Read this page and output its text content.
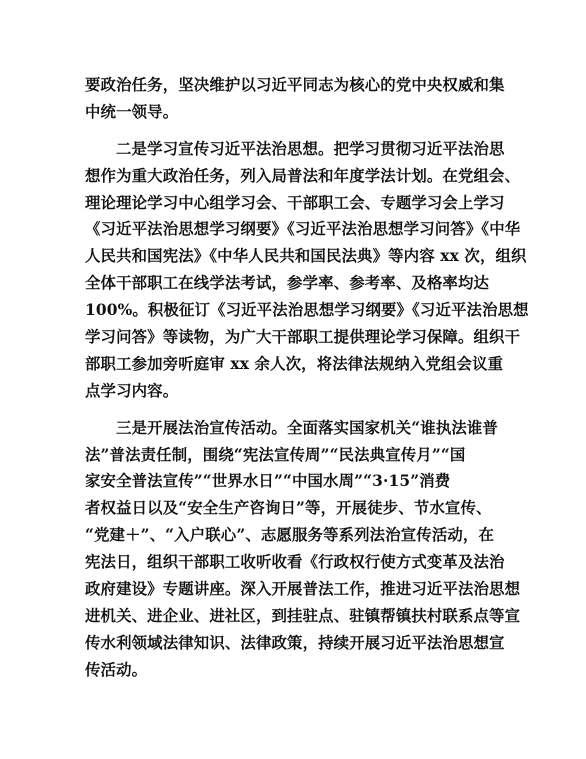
要政治任务，坚决维护以习近平同志为核心的党中央权威和集
中统一领导。
二是学习宣传习近平法治思想。把学习贯彻习近平法治思
想作为重大政治任务，列入局普法和年度学法计划。在党组会、
理论理论学习中心组学习会、干部职工会、专题学习会上学习
《习近平法治思想学习纲要》《习近平法治思想学习问答》《中华
人民共和国宪法》《中华人民共和国民法典》等内容 xx 次，组织
全体干部职工在线学法考试，参学率、参考率、及格率均达
100%。积极征订《习近平法治思想学习纲要》《习近平法治思想
学习问答》等读物，为广大干部职工提供理论学习保障。组织干
部职工参加旁听庭审 xx 余人次，将法律法规纳入党组会议重
点学习内容。
三是开展法治宣传活动。全面落实国家机关“谁执法谁普
法”普法责任制，围绕“宪法宣传周”“民法典宣传月”“国
家安全普法宣传”“世界水日”“中国水周”“3·15”消费
者权益日以及“安全生产咨询日”等，开展徒步、节水宣传、
“党建＋”、“入户联心”、志愿服务等系列法治宣传活动，在
宪法日，组织干部职工收听收看《行政权行使方式变革及法治
政府建设》专题讲座。深入开展普法工作，推进习近平法治思想
进机关、进企业、进社区，到挂驻点、驻镇帮镇扶村联系点等宣
传水利领域法律知识、法律政策，持续开展习近平法治思想宣
传活动。
